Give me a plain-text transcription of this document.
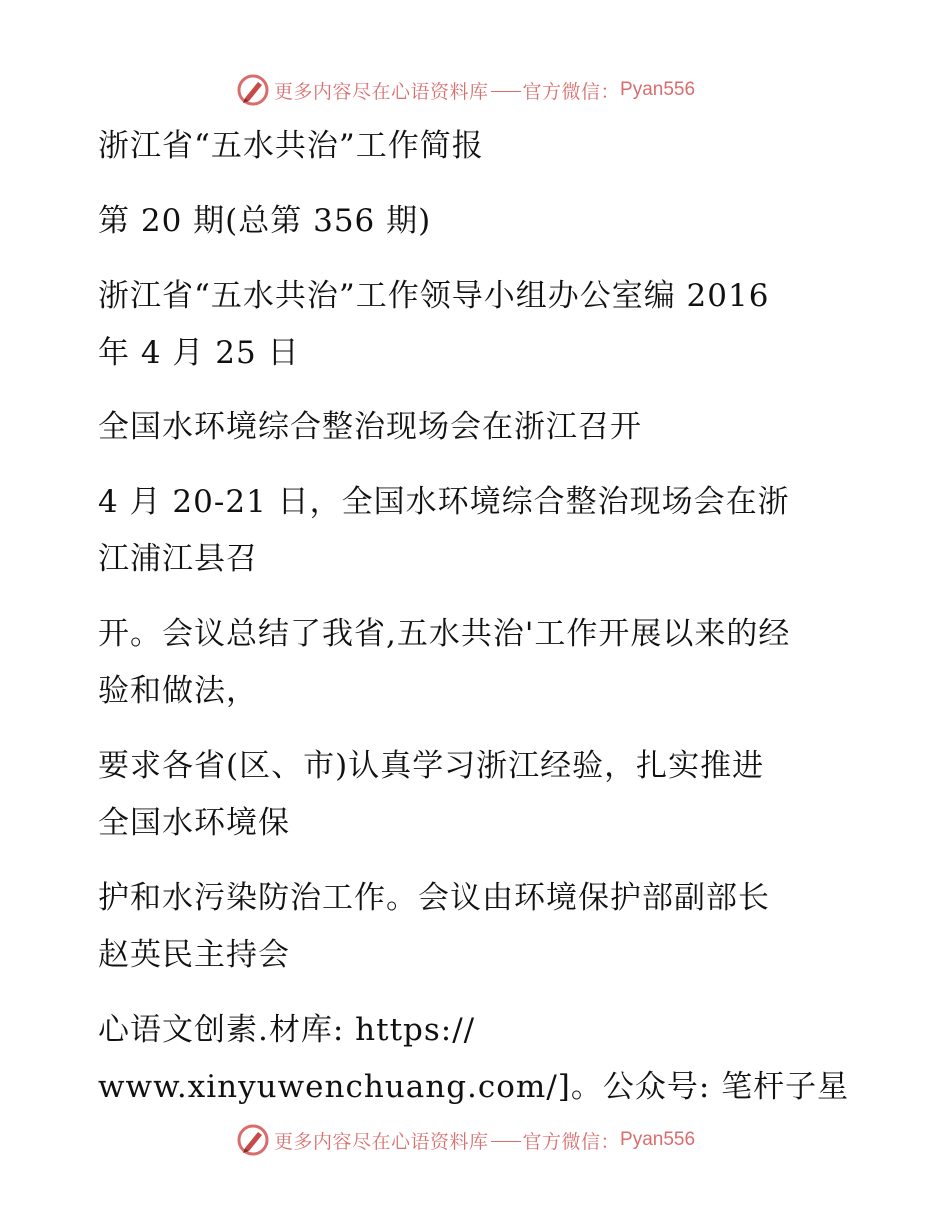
更多内容尽在心语资料库 官方微信： Pyan556
浙江省“五水共治”工作简报
第 20 期(总第 356 期)
浙江省“五水共治”工作领导小组办公室编 2016
年 4 月 25 日
全国水环境综合整治现场会在浙江召开
4 月 20-21 日，全国水环境综合整治现场会在浙
江浦江县召
开。会议总结了我省,五水共治'工作开展以来的经
验和做法，
要求各省(区、市)认真学习浙江经验，扎实推进
全国水环境保
护和水污染防治工作。会议由环境保护部副部长
赵英民主持会
心语文创素.材库: https://
www.xinyuwenchuang.com/]。公众号: 笔杆子星
更多内容尽在心语资料库 官方微信： Pyan556
